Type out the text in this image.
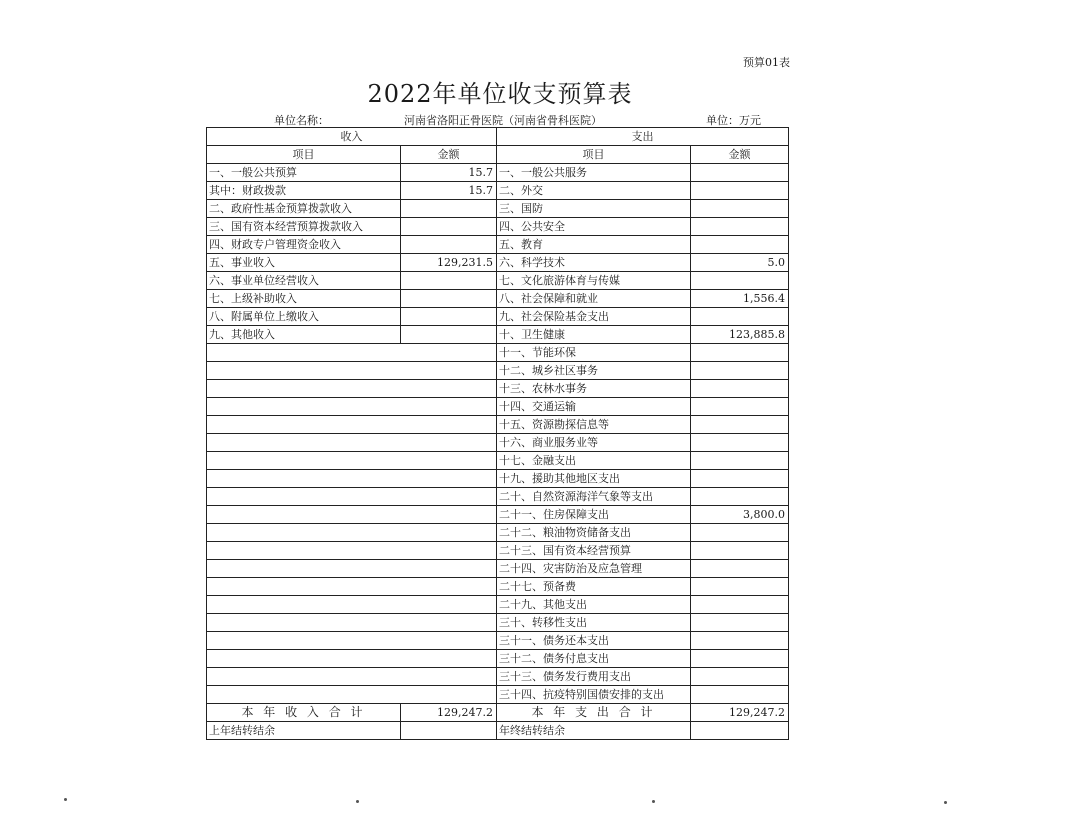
预算01表
2022年单位收支预算表
单位名称：	河南省洛阳正骨医院（河南省骨科医院）	单位：万元
收入		支出	
项目	金额	项目	金额
一、一般公共预算	15.7	一、一般公共服务	
其中：财政拨款	15.7	二、外交	
二、政府性基金预算拨款收入		三、国防	
三、国有资本经营预算拨款收入		四、公共安全	
四、财政专户管理资金收入		五、教育	
五、事业收入	129,231.5	六、科学技术	5.0
六、事业单位经营收入		七、文化旅游体育与传媒	
七、上级补助收入		八、社会保障和就业	1,556.4
八、附属单位上缴收入		九、社会保险基金支出	
九、其他收入		十、卫生健康	123,885.8
		十一、节能环保	
		十二、城乡社区事务	
		十三、农林水事务	
		十四、交通运输	
		十五、资源勘探信息等	
		十六、商业服务业等	
		十七、金融支出	
		十九、援助其他地区支出	
		二十、自然资源海洋气象等支出	
		二十一、住房保障支出	3,800.0
		二十二、粮油物资储备支出	
		二十三、国有资本经营预算	
		二十四、灾害防治及应急管理	
		二十七、预备费	
		二十九、其他支出	
		三十、转移性支出	
		三十一、债务还本支出	
		三十二、债务付息支出	
		三十三、债务发行费用支出	
		三十四、抗疫特别国债安排的支出	
本 年 收 入 合 计	129,247.2	本 年 支 出 合 计	129,247.2
上年结转结余		年终结转结余	
